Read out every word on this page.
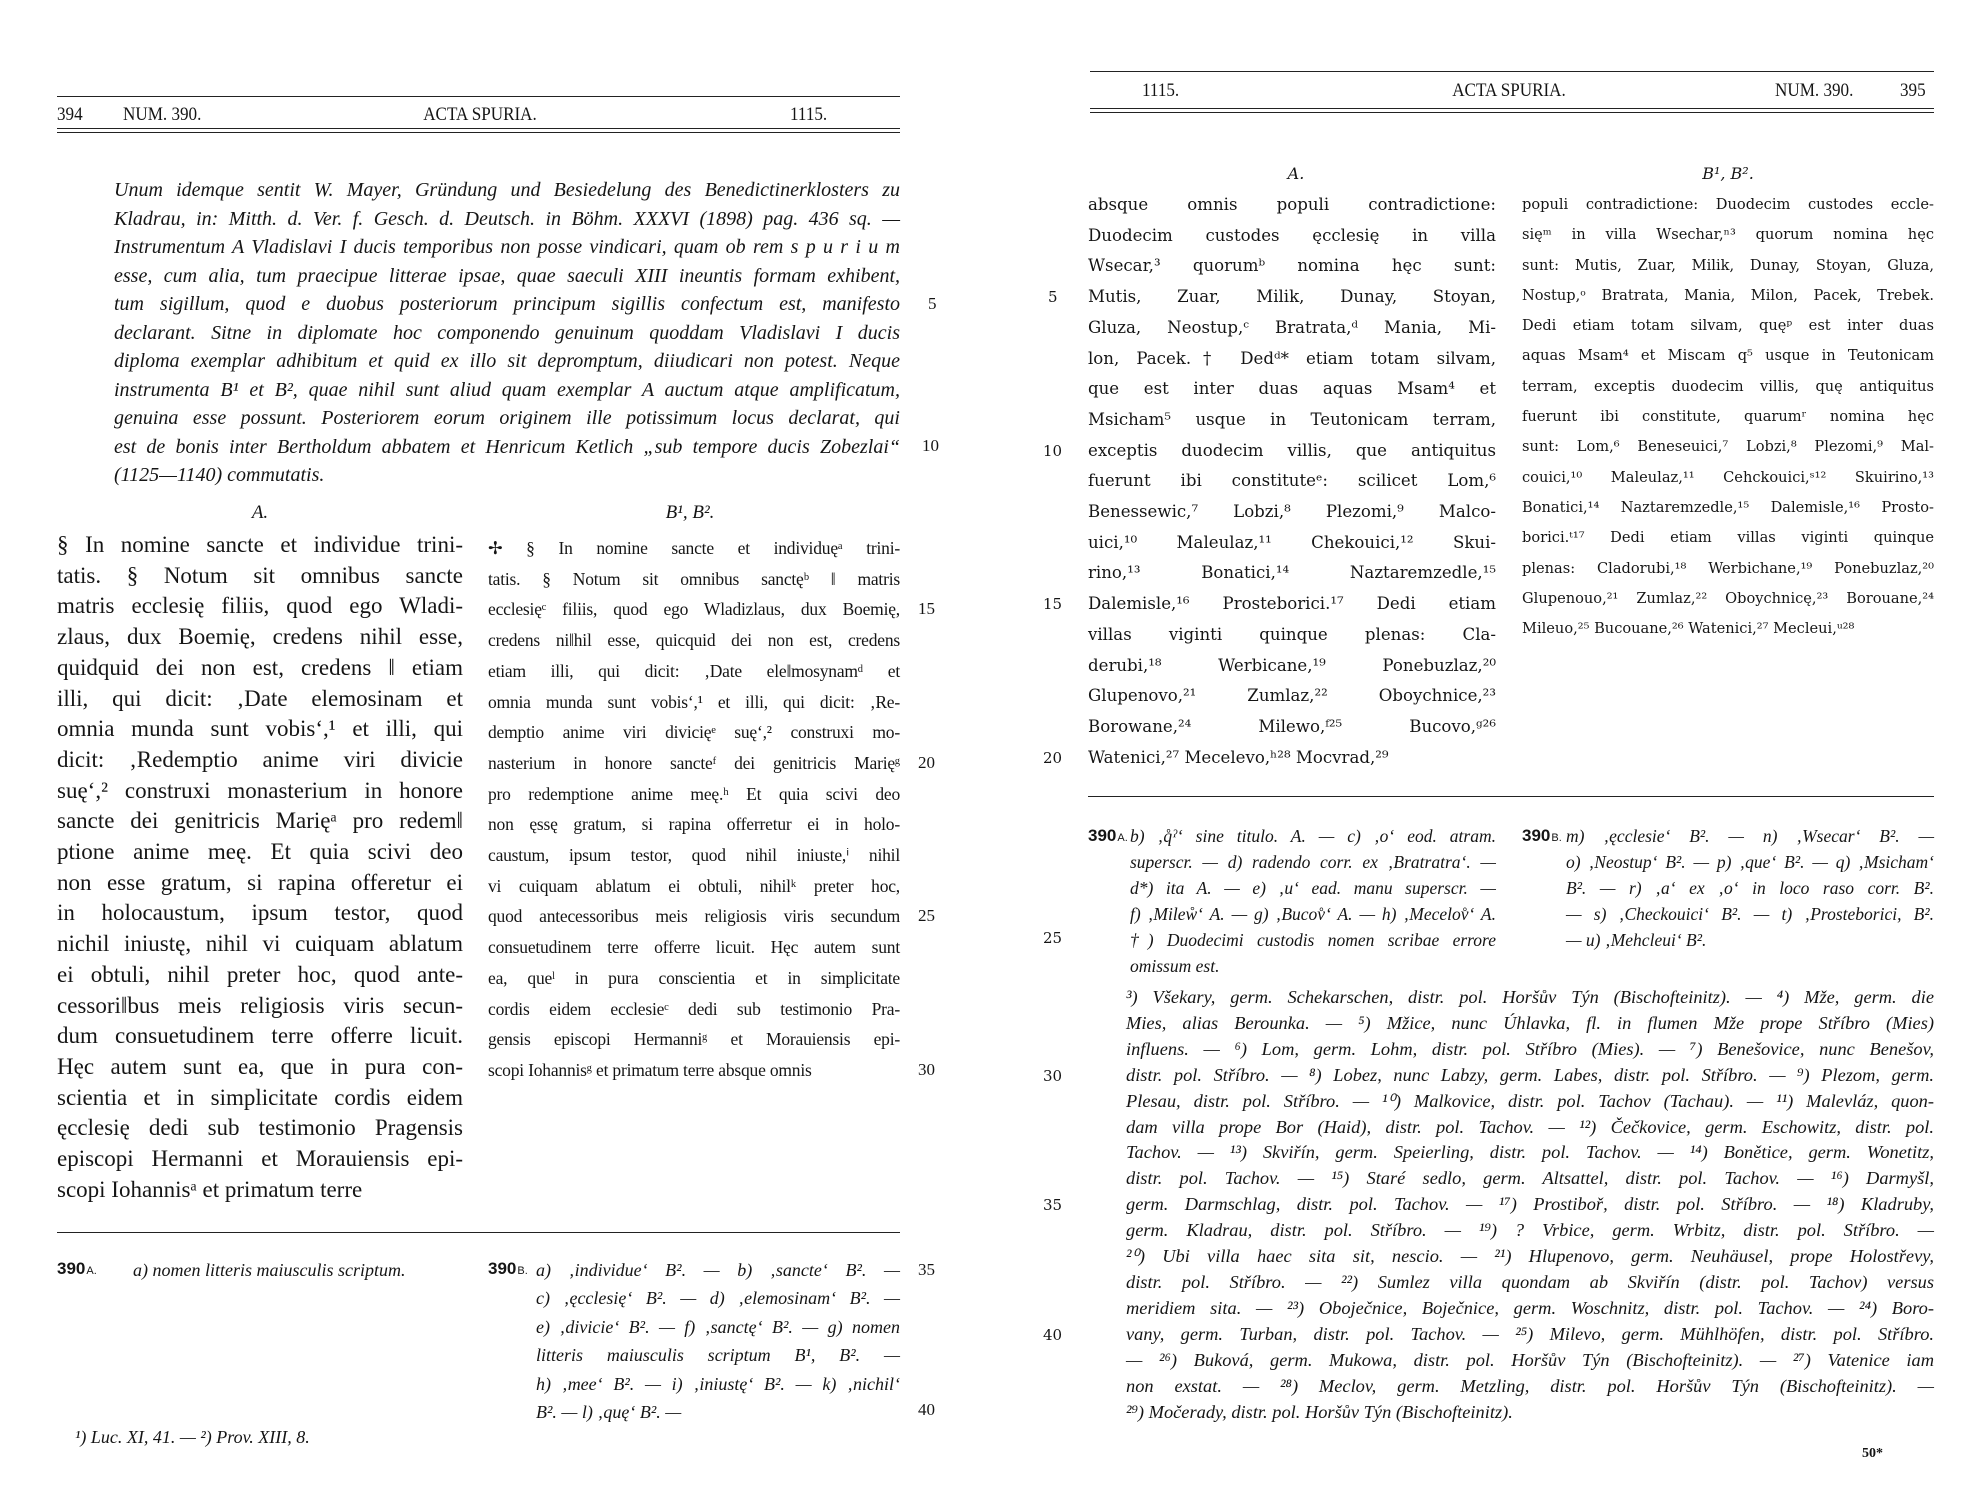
394 NUM. 390.	ACTA SPURIA.	1115.
Unum idemque sentit W. Mayer, Gründung und Besiedelung des Benedictinerklosters zu
Kladrau, in: Mitth. d. Ver. f. Gesch. d. Deutsch. in Böhm. XXXVI (1898) pag. 436 sq. —
Instrumentum A Vladislavi I ducis temporibus non posse vindicari, quam ob rem s p u r i u m
esse, cum alia, tum praecipue litterae ipsae, quae saeculi XIII ineuntis formam exhibent,
tum sigillum, quod e duobus posteriorum principum sigillis confectum est, manifesto
declarant. Sitne in diplomate hoc componendo genuinum quoddam Vladislavi I ducis
diploma exemplar adhibitum et quid ex illo sit depromptum, diiudicari non potest. Neque
instrumenta B¹ et B², quae nihil sunt aliud quam exemplar A auctum atque amplificatum,
genuina esse possunt. Posteriorem eorum originem ille potissimum locus declarat, qui
est de bonis inter Bertholdum abbatem et Henricum Ketlich „sub tempore ducis Zobezlai“
(1125—1140) commutatis.
5
10
A.	B¹, B².
§ In nomine sancte et individue trini-
tatis. § Notum sit omnibus sancte
matris ecclesię filiis, quod ego Wladi-
zlaus, dux Boemię, credens nihil esse,
quidquid dei non est, credens ‖ etiam
illi, qui dicit: ‚Date elemosinam et
omnia munda sunt vobis‘,¹ et illi, qui
dicit: ‚Redemptio anime viri divicie
suę‘,² construxi monasterium in honore
sancte dei genitricis Marięᵃ pro redem‖
ptione anime meę. Et quia scivi deo
non esse gratum, si rapina offeretur ei
in holocaustum, ipsum testor, quod
nichil iniustę, nihil vi cuiquam ablatum
ei obtuli, nihil preter hoc, quod ante-
cessori‖bus meis religiosis viris secun-
dum consuetudinem terre offerre licuit.
Hęc autem sunt ea, que in pura con-
scientia et in simplicitate cordis eidem
ęcclesię dedi sub testimonio Pragensis
episcopi Hermanni et Morauiensis epi-
scopi Iohannisᵃ et primatum terre
✢ § In nomine sancte et individuęᵃ trini-
tatis. § Notum sit omnibus sanctęᵇ ‖ matris
ecclesięᶜ filiis, quod ego Wladizlaus, dux Boemię,
credens ni‖hil esse, quicquid dei non est, credens
etiam illi, qui dicit: ‚Date ele‖mosynamᵈ et
omnia munda sunt vobis‘,¹ et illi, qui dicit: ‚Re-
demptio anime viri divicięᵉ suę‘,² construxi mo-
nasterium in honore sancteᶠ dei genitricis Marięᵍ
pro redemptione anime meę.ʰ Et quia scivi deo
non ęssę gratum, si rapina offerretur ei in holo-
caustum, ipsum testor, quod nihil iniuste,ⁱ nihil
vi cuiquam ablatum ei obtuli, nihilᵏ preter hoc,
quod antecessoribus meis religiosis viris secundum
consuetudinem terre offerre licuit. Hęc autem sunt
ea, queˡ in pura conscientia et in simplicitate
cordis eidem ecclesieᶜ dedi sub testimonio Pra-
gensis episcopi Hermanniᵍ et Morauiensis epi-
scopi Iohannisᵍ et primatum terre absque omnis
15
20
25
30
390A. a) nomen litteris maiusculis scriptum.	390B. a) ‚individue‘ B². — b) ‚sancte‘ B². —
c) ‚ęcclesię‘ B². — d) ‚elemosinam‘ B². —
e) ‚divicie‘ B². — f) ‚sanctę‘ B². — g) nomen
litteris maiusculis scriptum B¹, B². —
h) ‚mee‘ B². — i) ‚iniustę‘ B². — k) ‚nichil‘
B². — l) ‚quę‘ B². —
35
40
¹) Luc. XI, 41. — ²) Prov. XIII, 8.
1115.	ACTA SPURIA.	NUM. 390. 395
A.	B¹, B².
absque omnis populi contradictione:
Duodecim custodes ęcclesię in villa
Wsecar,³ quorumᵇ nomina hęc sunt:
Mutis, Zuar, Milik, Dunay, Stoyan,
Gluza, Neostup,ᶜ Bratrata,ᵈ Mania, Mi-
lon, Pacek.† Dedᵈ* etiam totam silvam,
que est inter duas aquas Msam⁴ et
Msicham⁵ usque in Teutonicam terram,
exceptis duodecim villis, que antiquitus
fuerunt ibi constituteᵉ: scilicet Lom,⁶
Benessewic,⁷ Lobzi,⁸ Plezomi,⁹ Malco-
uici,¹⁰ Maleulaz,¹¹ Chekouici,¹² Skui-
rino,¹³ Bonatici,¹⁴ Naztaremzedle,¹⁵
Dalemisle,¹⁶ Prosteborici.¹⁷ Dedi etiam
villas viginti quinque plenas: Cla-
derubi,¹⁸ Werbicane,¹⁹ Ponebuzlaz,²⁰
Glupenovo,²¹ Zumlaz,²² Oboychnice,²³
Borowane,²⁴ Milewo,ᶠ²⁵ Bucovo,ᵍ²⁶
Watenici,²⁷ Mecelevo,ʰ²⁸ Mocvrad,²⁹
5
10
15
20
populi contradictione: Duodecim custodes eccle-
sięᵐ in villa Wsechar,ⁿ³ quorum nomina hęc
sunt: Mutis, Zuar, Milik, Dunay, Stoyan, Gluza,
Nostup,ᵒ Bratrata, Mania, Milon, Pacek, Trebek.
Dedi etiam totam silvam, quęᵖ est inter duas
aquas Msam⁴ et Miscam q⁵ usque in Teutonicam
terram, exceptis duodecim villis, quę antiquitus
fuerunt ibi constitute, quarumʳ nomina hęc
sunt: Lom,⁶ Beneseuici,⁷ Lobzi,⁸ Plezomi,⁹ Mal-
couici,¹⁰ Maleulaz,¹¹ Cehckouici,ˢ¹² Skuirino,¹³
Bonatici,¹⁴ Naztaremzedle,¹⁵ Dalemisle,¹⁶ Prosto-
borici.ᵗ¹⁷ Dedi etiam villas viginti quinque
plenas: Cladorubi,¹⁸ Werbichane,¹⁹ Ponebuzlaz,²⁰
Glupenouo,²¹ Zumlaz,²² Oboychnicę,²³ Borouane,²⁴
Mileuo,²⁵ Bucouane,²⁶ Watenici,²⁷ Mecleui,ᵘ²⁸
390A. b) ‚q̊ˀ‘ sine titulo. A. — c) ‚o‘ eod. atram.
superscr. — d) radendo corr. ex ‚Bratratra‘. —
d*) ita A. — e) ‚u‘ ead. manu superscr. —
f) ‚Mileẘ‘ A. — g) ‚Bucov̊‘ A. — h) ‚Mecelov̊‘ A.
†) Duodecimi custodis nomen scribae errore
omissum est.
25
390B. m) ‚ęcclesie‘ B². — n) ‚Wsecar‘ B². —
o) ‚Neostup‘ B². — p) ‚que‘ B². — q) ‚Msicham‘
B². — r) ‚a‘ ex ‚o‘ in loco raso corr. B².
— s) ‚Checkouici‘ B². — t) ‚Prosteborici, B².
— u) ‚Mehcleui‘ B².
³) Všekary, germ. Schekarschen, distr. pol. Horšův Týn (Bischofteinitz). — ⁴) Mže, germ. die
Mies, alias Berounka. — ⁵) Mžice, nunc Úhlavka, fl. in flumen Mže prope Stříbro (Mies)
influens. — ⁶) Lom, germ. Lohm, distr. pol. Stříbro (Mies). — ⁷) Benešovice, nunc Benešov,
distr. pol. Stříbro. — ⁸) Lobez, nunc Labzy, germ. Labes, distr. pol. Stříbro. — ⁹) Plezom, germ.
Plesau, distr. pol. Stříbro. — ¹⁰) Malkovice, distr. pol. Tachov (Tachau). — ¹¹) Malevláz, quon-
dam villa prope Bor (Haid), distr. pol. Tachov. — ¹²) Čečkovice, germ. Eschowitz, distr. pol.
Tachov. — ¹³) Skviřín, germ. Speierling, distr. pol. Tachov. — ¹⁴) Bonětice, germ. Wonetitz,
distr. pol. Tachov. — ¹⁵) Staré sedlo, germ. Altsattel, distr. pol. Tachov. — ¹⁶) Darmyšl,
germ. Darmschlag, distr. pol. Tachov. — ¹⁷) Prostiboř, distr. pol. Stříbro. — ¹⁸) Kladruby,
germ. Kladrau, distr. pol. Stříbro. — ¹⁹) ? Vrbice, germ. Wrbitz, distr. pol. Stříbro. —
²⁰) Ubi villa haec sita sit, nescio. — ²¹) Hlupenovo, germ. Neuhäusel, prope Holostřevy,
distr. pol. Stříbro. — ²²) Sumlez villa quondam ab Skviřín (distr. pol. Tachov) versus
meridiem sita. — ²³) Oboječnice, Boječnice, germ. Woschnitz, distr. pol. Tachov. — ²⁴) Boro-
vany, germ. Turban, distr. pol. Tachov. — ²⁵) Milevo, germ. Mühlhöfen, distr. pol. Stříbro.
— ²⁶) Buková, germ. Mukowa, distr. pol. Horšův Týn (Bischofteinitz). — ²⁷) Vatenice iam
non exstat. — ²⁸) Meclov, germ. Metzling, distr. pol. Horšův Týn (Bischofteinitz). —
²⁹) Močerady, distr. pol. Horšův Týn (Bischofteinitz).
30
35
40
50*
